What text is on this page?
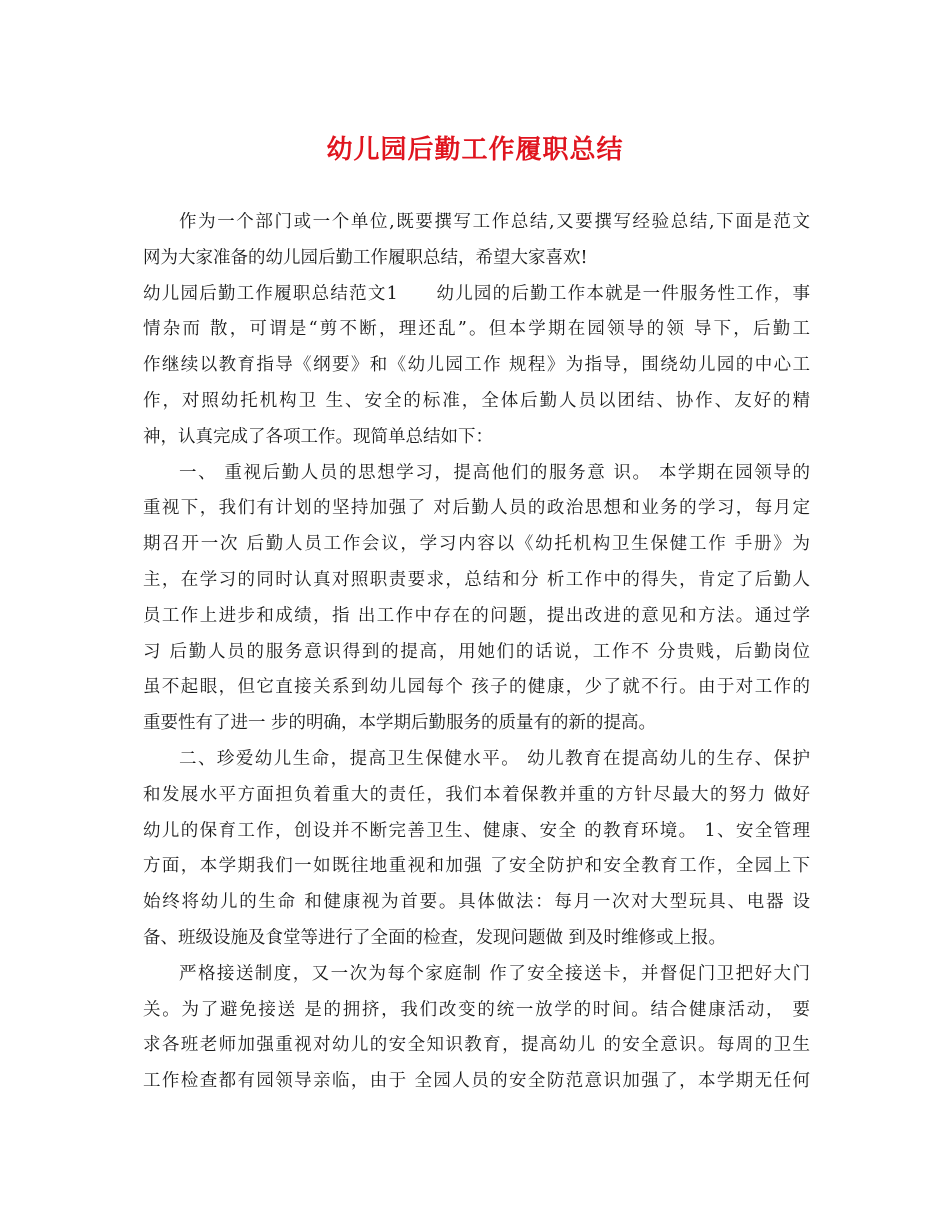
幼儿园后勤工作履职总结
作为一个部门或一个单位,既要撰写工作总结,又要撰写经验总结,下面是范文
网为大家准备的幼儿园后勤工作履职总结，希望大家喜欢!
幼儿园后勤工作履职总结范文1　　幼儿园的后勤工作本就是一件服务性工作，事
情杂而 散，可谓是“剪不断，理还乱”。但本学期在园领导的领 导下，后勤工
作继续以教育指导《纲要》和《幼儿园工作 规程》为指导，围绕幼儿园的中心工
作，对照幼托机构卫 生、安全的标准，全体后勤人员以团结、协作、友好的精
神，认真完成了各项工作。现简单总结如下：
一、 重视后勤人员的思想学习，提高他们的服务意 识。 本学期在园领导的
重视下，我们有计划的坚持加强了 对后勤人员的政治思想和业务的学习，每月定
期召开一次 后勤人员工作会议，学习内容以《幼托机构卫生保健工作 手册》为
主，在学习的同时认真对照职责要求，总结和分 析工作中的得失，肯定了后勤人
员工作上进步和成绩，指 出工作中存在的问题，提出改进的意见和方法。通过学
习 后勤人员的服务意识得到的提高，用她们的话说，工作不 分贵贱，后勤岗位
虽不起眼，但它直接关系到幼儿园每个 孩子的健康，少了就不行。由于对工作的
重要性有了进一 步的明确，本学期后勤服务的质量有的新的提高。
二、珍爱幼儿生命，提高卫生保健水平。 幼儿教育在提高幼儿的生存、保护
和发展水平方面担负着重大的责任，我们本着保教并重的方针尽最大的努力 做好
幼儿的保育工作，创设并不断完善卫生、健康、安全 的教育环境。 1、安全管理
方面，本学期我们一如既往地重视和加强 了安全防护和安全教育工作，全园上下
始终将幼儿的生命 和健康视为首要。具体做法：每月一次对大型玩具、电器 设
备、班级设施及食堂等进行了全面的检查，发现问题做 到及时维修或上报。
严格接送制度，又一次为每个家庭制 作了安全接送卡，并督促门卫把好大门
关。为了避免接送 是的拥挤，我们改变的统一放学的时间。结合健康活动， 要
求各班老师加强重视对幼儿的安全知识教育，提高幼儿 的安全意识。每周的卫生
工作检查都有园领导亲临，由于 全园人员的安全防范意识加强了，本学期无任何
